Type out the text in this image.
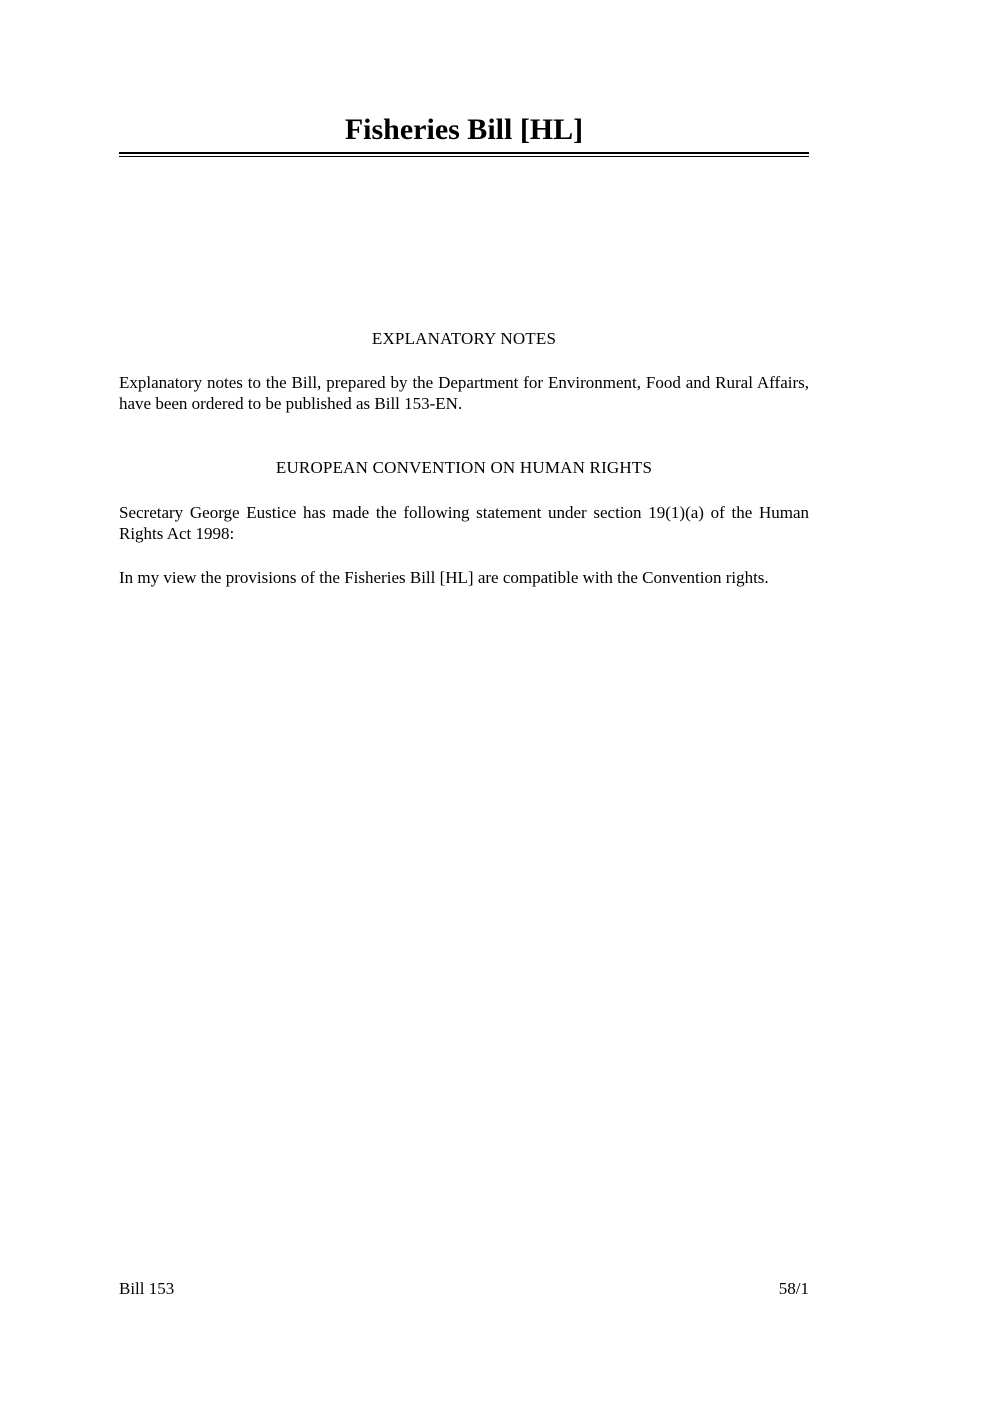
Fisheries Bill [HL]
EXPLANATORY NOTES

Explanatory notes to the Bill, prepared by the Department for Environment, Food and Rural Affairs, have been ordered to be published as Bill 153-EN.

EUROPEAN CONVENTION ON HUMAN RIGHTS

Secretary George Eustice has made the following statement under section 19(1)(a) of the Human Rights Act 1998:

In my view the provisions of the Fisheries Bill [HL] are compatible with the Convention rights.

Bill 153	58/1
